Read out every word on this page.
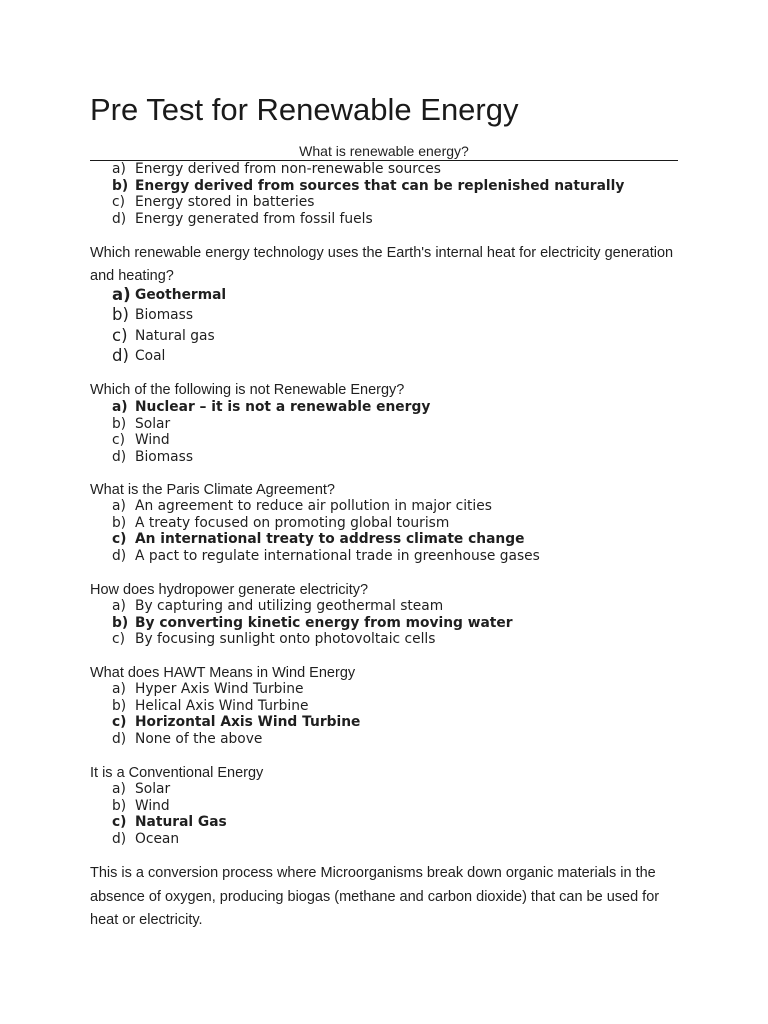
Pre Test for Renewable Energy
What is renewable energy?
a) Energy derived from non-renewable sources
b) Energy derived from sources that can be replenished naturally
c) Energy stored in batteries
d) Energy generated from fossil fuels

Which renewable energy technology uses the Earth's internal heat for electricity generation and heating?

a) Geothermal
b) Biomass
c) Natural gas
d) Coal

Which of the following is not Renewable Energy?

a) Nuclear – it is not a renewable energy
b) Solar
c) Wind
d) Biomass

What is the Paris Climate Agreement?

a) An agreement to reduce air pollution in major cities
b) A treaty focused on promoting global tourism
c) An international treaty to address climate change
d) A pact to regulate international trade in greenhouse gases

How does hydropower generate electricity?

a) By capturing and utilizing geothermal steam
b) By converting kinetic energy from moving water
c) By focusing sunlight onto photovoltaic cells

What does HAWT Means in Wind Energy

a) Hyper Axis Wind Turbine
b) Helical Axis Wind Turbine
c) Horizontal Axis Wind Turbine
d) None of the above

It is a Conventional Energy

a) Solar
b) Wind
c) Natural Gas
d) Ocean

This is a conversion process where Microorganisms break down organic materials in the absence of oxygen, producing biogas (methane and carbon dioxide) that can be used for heat or electricity.
